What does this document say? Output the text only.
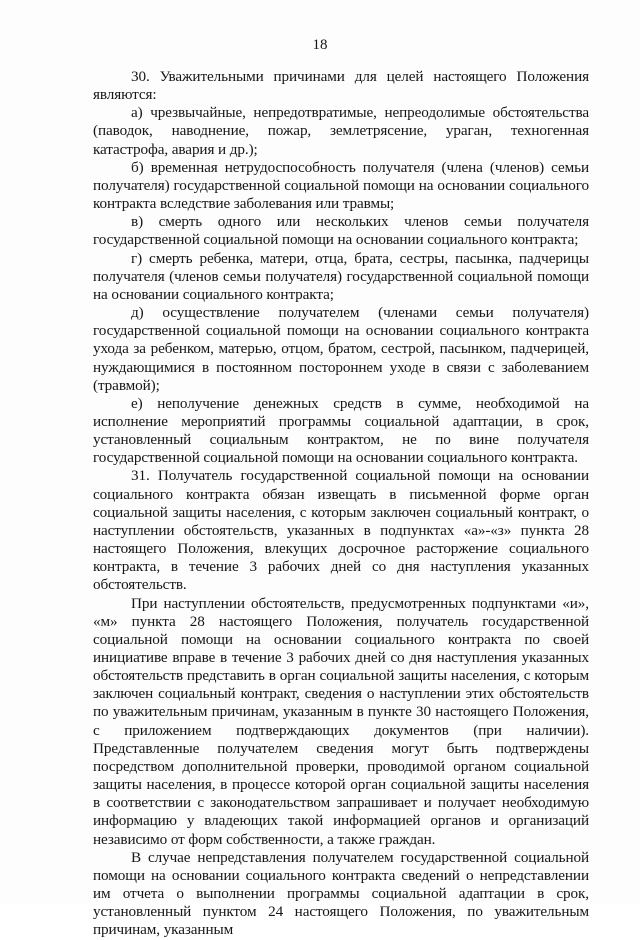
18

30. Уважительными причинами для целей настоящего Положения являются:

а) чрезвычайные, непредотвратимые, непреодолимые обстоятельства (паводок, наводнение, пожар, землетрясение, ураган, техногенная катастрофа, авария и др.);

б) временная нетрудоспособность получателя (члена (членов) семьи получателя) государственной социальной помощи на основании социального контракта вследствие заболевания или травмы;

в) смерть одного или нескольких членов семьи получателя государственной социальной помощи на основании социального контракта;

г) смерть ребенка, матери, отца, брата, сестры, пасынка, падчерицы получателя (членов семьи получателя) государственной социальной помощи на основании социального контракта;

д) осуществление получателем (членами семьи получателя) государственной социальной помощи на основании социального контракта ухода за ребенком, матерью, отцом, братом, сестрой, пасынком, падчерицей, нуждающимися в постоянном постороннем уходе в связи с заболеванием (травмой);

е) неполучение денежных средств в сумме, необходимой на исполнение мероприятий программы социальной адаптации, в срок, установленный социальным контрактом, не по вине получателя государственной социальной помощи на основании социального контракта.

31. Получатель государственной социальной помощи на основании социального контракта обязан извещать в письменной форме орган социальной защиты населения, с которым заключен социальный контракт, о наступлении обстоятельств, указанных в подпунктах «а»-«з» пункта 28 настоящего Положения, влекущих досрочное расторжение социального контракта, в течение 3 рабочих дней со дня наступления указанных обстоятельств.

При наступлении обстоятельств, предусмотренных подпунктами «и», «м» пункта 28 настоящего Положения, получатель государственной социальной помощи на основании социального контракта по своей инициативе вправе в течение 3 рабочих дней со дня наступления указанных обстоятельств представить в орган социальной защиты населения, с которым заключен социальный контракт, сведения о наступлении этих обстоятельств по уважительным причинам, указанным в пункте 30 настоящего Положения, с приложением подтверждающих документов (при наличии). Представленные получателем сведения могут быть подтверждены посредством дополнительной проверки, проводимой органом социальной защиты населения, в процессе которой орган социальной защиты населения в соответствии с законодательством запрашивает и получает необходимую информацию у владеющих такой информацией органов и организаций независимо от форм собственности, а также граждан.

В случае непредставления получателем государственной социальной помощи на основании социального контракта сведений о непредставлении им отчета о выполнении программы социальной адаптации в срок, установленный пунктом 24 настоящего Положения, по уважительным причинам, указанным
